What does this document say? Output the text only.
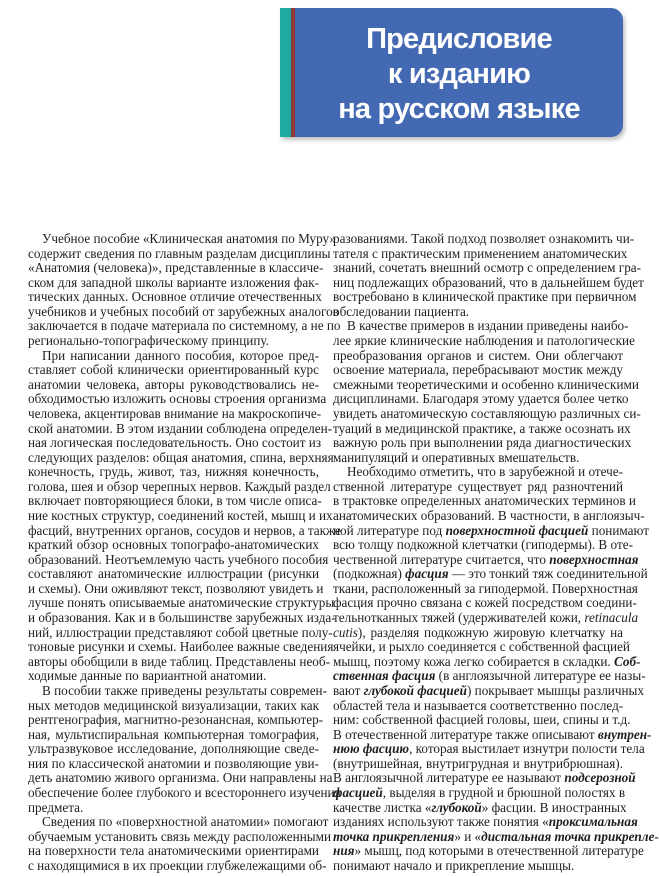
Предисловие
к изданию
на русском языке
Учебное пособие «Клиническая анатомия по Муру»
содержит сведения по главным разделам дисциплины
«Анатомия (человека)», представленные в классиче-
ском для западной школы варианте изложения фак-
тических данных. Основное отличие отечественных
учебников и учебных пособий от зарубежных аналогов
заключается в подаче материала по системному, а не по
регионально-топографическому принципу.
При написании данного пособия, которое пред-
ставляет собой клинически ориентированный курс
анатомии человека, авторы руководствовались не-
обходимостью изложить основы строения организма
человека, акцентировав внимание на макроскопиче-
ской анатомии. В этом издании соблюдена определен-
ная логическая последовательность. Оно состоит из
следующих разделов: общая анатомия, спина, верхняя
конечность, грудь, живот, таз, нижняя конечность,
голова, шея и обзор черепных нервов. Каждый раздел
включает повторяющиеся блоки, в том числе описа-
ние костных структур, соединений костей, мышц и их
фасций, внутренних органов, сосудов и нервов, а также
краткий обзор основных топографо-анатомических
образований. Неотъемлемую часть учебного пособия
составляют анатомические иллюстрации (рисунки
и схемы). Они оживляют текст, позволяют увидеть и
лучше понять описываемые анатомические структуры
и образования. Как и в большинстве зарубежных изда-
ний, иллюстрации представляют собой цветные полу-
тоновые рисунки и схемы. Наиболее важные сведения
авторы обобщили в виде таблиц. Представлены необ-
ходимые данные по вариантной анатомии.
В пособии также приведены результаты современ-
ных методов медицинской визуализации, таких как
рентгенография, магнитно-резонансная, компьютер-
ная, мультиспиральная компьютерная томография,
ультразвуковое исследование, дополняющие сведе-
ния по классической анатомии и позволяющие уви-
деть анатомию живого организма. Они направлены на
обеспечение более глубокого и всестороннего изучения
предмета.
Сведения по «поверхностной анатомии» помогают
обучаемым установить связь между расположенными
на поверхности тела анатомическими ориентирами
с находящимися в их проекции глубжележащими об-
разованиями. Такой подход позволяет ознакомить чи-
тателя с практическим применением анатомических
знаний, сочетать внешний осмотр с определением гра-
ниц подлежащих образований, что в дальнейшем будет
востребовано в клинической практике при первичном
обследовании пациента.
В качестве примеров в издании приведены наибо-
лее яркие клинические наблюдения и патологические
преобразования органов и систем. Они облегчают
освоение материала, перебрасывают мостик между
смежными теоретическими и особенно клиническими
дисциплинами. Благодаря этому удается более четко
увидеть анатомическую составляющую различных си-
туаций в медицинской практике, а также осознать их
важную роль при выполнении ряда диагностических
манипуляций и оперативных вмешательств.
Необходимо отметить, что в зарубежной и отече-
ственной литературе существует ряд разночтений
в трактовке определенных анатомических терминов и
анатомических образований. В частности, в англоязыч-
ной литературе под поверхностной фасцией понимают
всю толщу подкожной клетчатки (гиподермы). В оте-
чественной литературе считается, что поверхностная
(подкожная) фасция — это тонкий тяж соединительной
ткани, расположенный за гиподермой. Поверхностная
фасция прочно связана с кожей посредством соедини-
тельнотканных тяжей (удерживателей кожи, retinacula
cutis), разделяя подкожную жировую клетчатку на
ячейки, и рыхло соединяется с собственной фасцией
мышц, поэтому кожа легко собирается в складки. Соб-
ственная фасция (в англоязычной литературе ее назы-
вают глубокой фасцией) покрывает мышцы различных
областей тела и называется соответственно послед-
ним: собственной фасцией головы, шеи, спины и т.д.
В отечественной литературе также описывают внутрен-
нюю фасцию, которая выстилает изнутри полости тела
(внутришейная, внутригрудная и внутрибрюшная).
В англоязычной литературе ее называют подсерозной
фасцией, выделяя в грудной и брюшной полостях в
качестве листка «глубокой» фасции. В иностранных
изданиях используют также понятия «проксимальная
точка прикрепления» и «дистальная точка прикрепле-
ния» мышц, под которыми в отечественной литературе
понимают начало и прикрепление мышцы.
